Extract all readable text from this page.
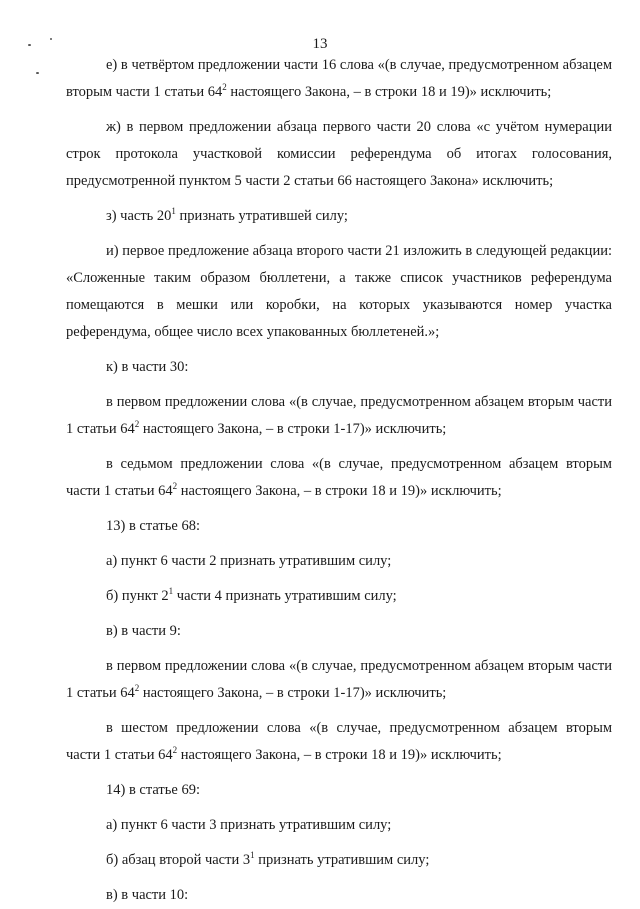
13

е) в четвёртом предложении части 16 слова «(в случае, предусмотренном абзацем вторым части 1 статьи $64^2$ настоящего Закона, – в строки 18 и 19)» исключить;

ж) в первом предложении абзаца первого части 20 слова «с учётом нумерации строк протокола участковой комиссии референдума об итогах голосования, предусмотренной пунктом 5 части 2 статьи 66 настоящего Закона» исключить;

з) часть $20^1$ признать утратившей силу;

и) первое предложение абзаца второго части 21 изложить в следующей редакции: «Сложенные таким образом бюллетени, а также список участников референдума помещаются в мешки или коробки, на которых указываются номер участка референдума, общее число всех упакованных бюллетеней.»;

к) в части 30:

в первом предложении слова «(в случае, предусмотренном абзацем вторым части 1 статьи $64^2$ настоящего Закона, – в строки 1-17)» исключить;

в седьмом предложении слова «(в случае, предусмотренном абзацем вторым части 1 статьи $64^2$ настоящего Закона, – в строки 18 и 19)» исключить;

13) в статье 68:

а) пункт 6 части 2 признать утратившим силу;

б) пункт $2^1$ части 4 признать утратившим силу;

в) в части 9:

в первом предложении слова «(в случае, предусмотренном абзацем вторым части 1 статьи $64^2$ настоящего Закона, – в строки 1-17)» исключить;

в шестом предложении слова «(в случае, предусмотренном абзацем вторым части 1 статьи $64^2$ настоящего Закона, – в строки 18 и 19)» исключить;

14) в статье 69:

а) пункт 6 части 3 признать утратившим силу;

б) абзац второй части $3^1$ признать утратившим силу;

в) в части 10:
